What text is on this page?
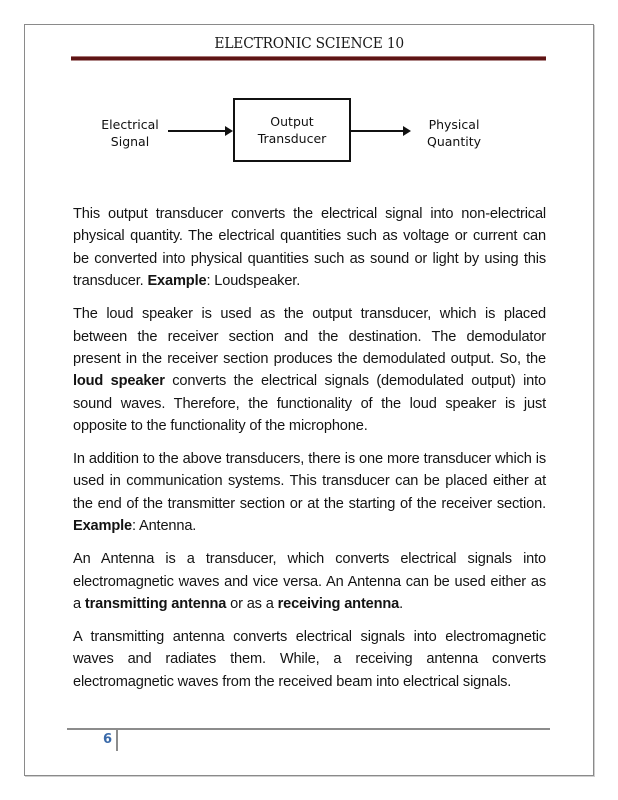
ELECTRONIC SCIENCE 10
Electrical
Signal
Output
Transducer
Physical
Quantity

This output transducer converts the electrical signal into non-electrical physical quantity. The electrical quantities such as voltage or current can be converted into physical quantities such as sound or light by using this transducer. Example: Loudspeaker.

The loud speaker is used as the output transducer, which is placed between the receiver section and the destination. The demodulator present in the receiver section produces the demodulated output. So, the loud speaker converts the electrical signals (demodulated output) into sound waves. Therefore, the functionality of the loud speaker is just opposite to the functionality of the microphone.

In addition to the above transducers, there is one more transducer which is used in communication systems. This transducer can be placed either at the end of the transmitter section or at the starting of the receiver section. Example: Antenna.

An Antenna is a transducer, which converts electrical signals into electromagnetic waves and vice versa. An Antenna can be used either as a transmitting antenna or as a receiving antenna.

A transmitting antenna converts electrical signals into electromagnetic waves and radiates them. While, a receiving antenna converts electromagnetic waves from the received beam into electrical signals.

6
